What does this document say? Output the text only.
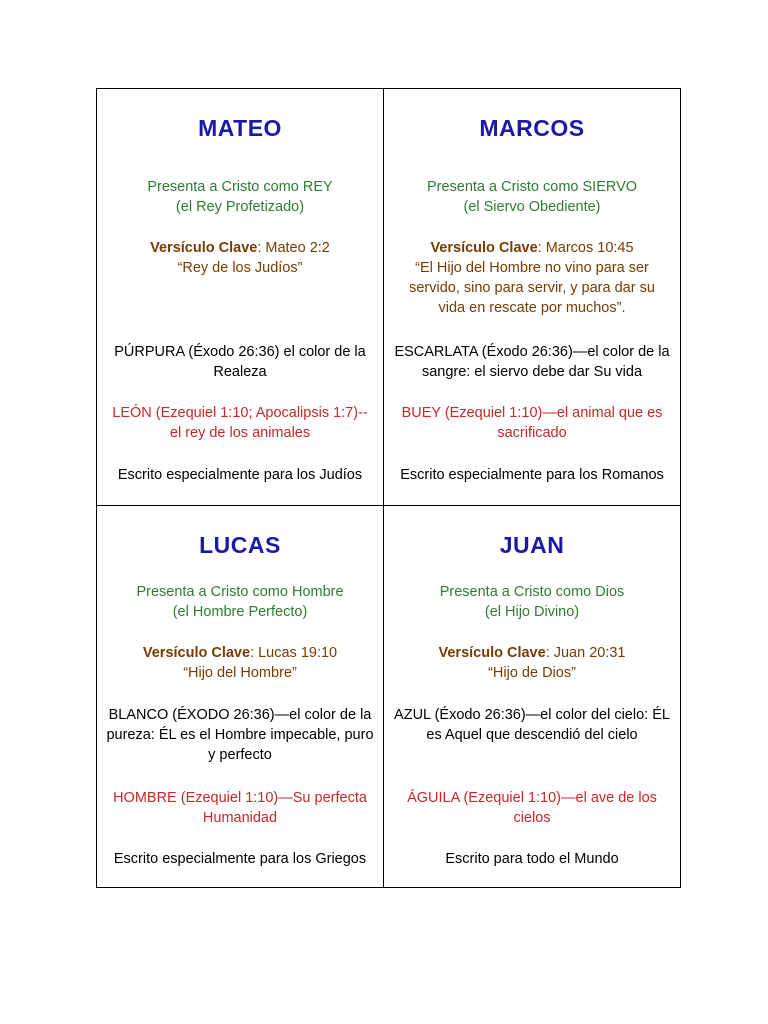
MATEO
Presenta a Cristo como REY
(el Rey Profetizado)
Versículo Clave: Mateo 2:2
“Rey de los Judíos”
PÚRPURA (Éxodo 26:36) el color de la
Realeza
LEÓN (Ezequiel 1:10; Apocalipsis 1:7)--
el rey de los animales
Escrito especialmente para los Judíos
MARCOS
Presenta a Cristo como SIERVO
(el Siervo Obediente)
Versículo Clave: Marcos 10:45
“El Hijo del Hombre no vino para ser
servido, sino para servir, y para dar su
vida en rescate por muchos”.
ESCARLATA (Éxodo 26:36)—el color de la
sangre: el siervo debe dar Su vida
BUEY (Ezequiel 1:10)—el animal que es
sacrificado
Escrito especialmente para los Romanos
LUCAS
Presenta a Cristo como Hombre
(el Hombre Perfecto)
Versículo Clave: Lucas 19:10
“Hijo del Hombre”
BLANCO (ÉXODO 26:36)—el color de la
pureza: ÉL es el Hombre impecable, puro
y perfecto
HOMBRE (Ezequiel 1:10)—Su perfecta
Humanidad
Escrito especialmente para los Griegos
JUAN
Presenta a Cristo como Dios
(el Hijo Divino)
Versículo Clave: Juan 20:31
“Hijo de Dios”
AZUL (Éxodo 26:36)—el color del cielo: ÉL
es Aquel que descendió del cielo
ÁGUILA (Ezequiel 1:10)—el ave de los
cielos
Escrito para todo el Mundo
